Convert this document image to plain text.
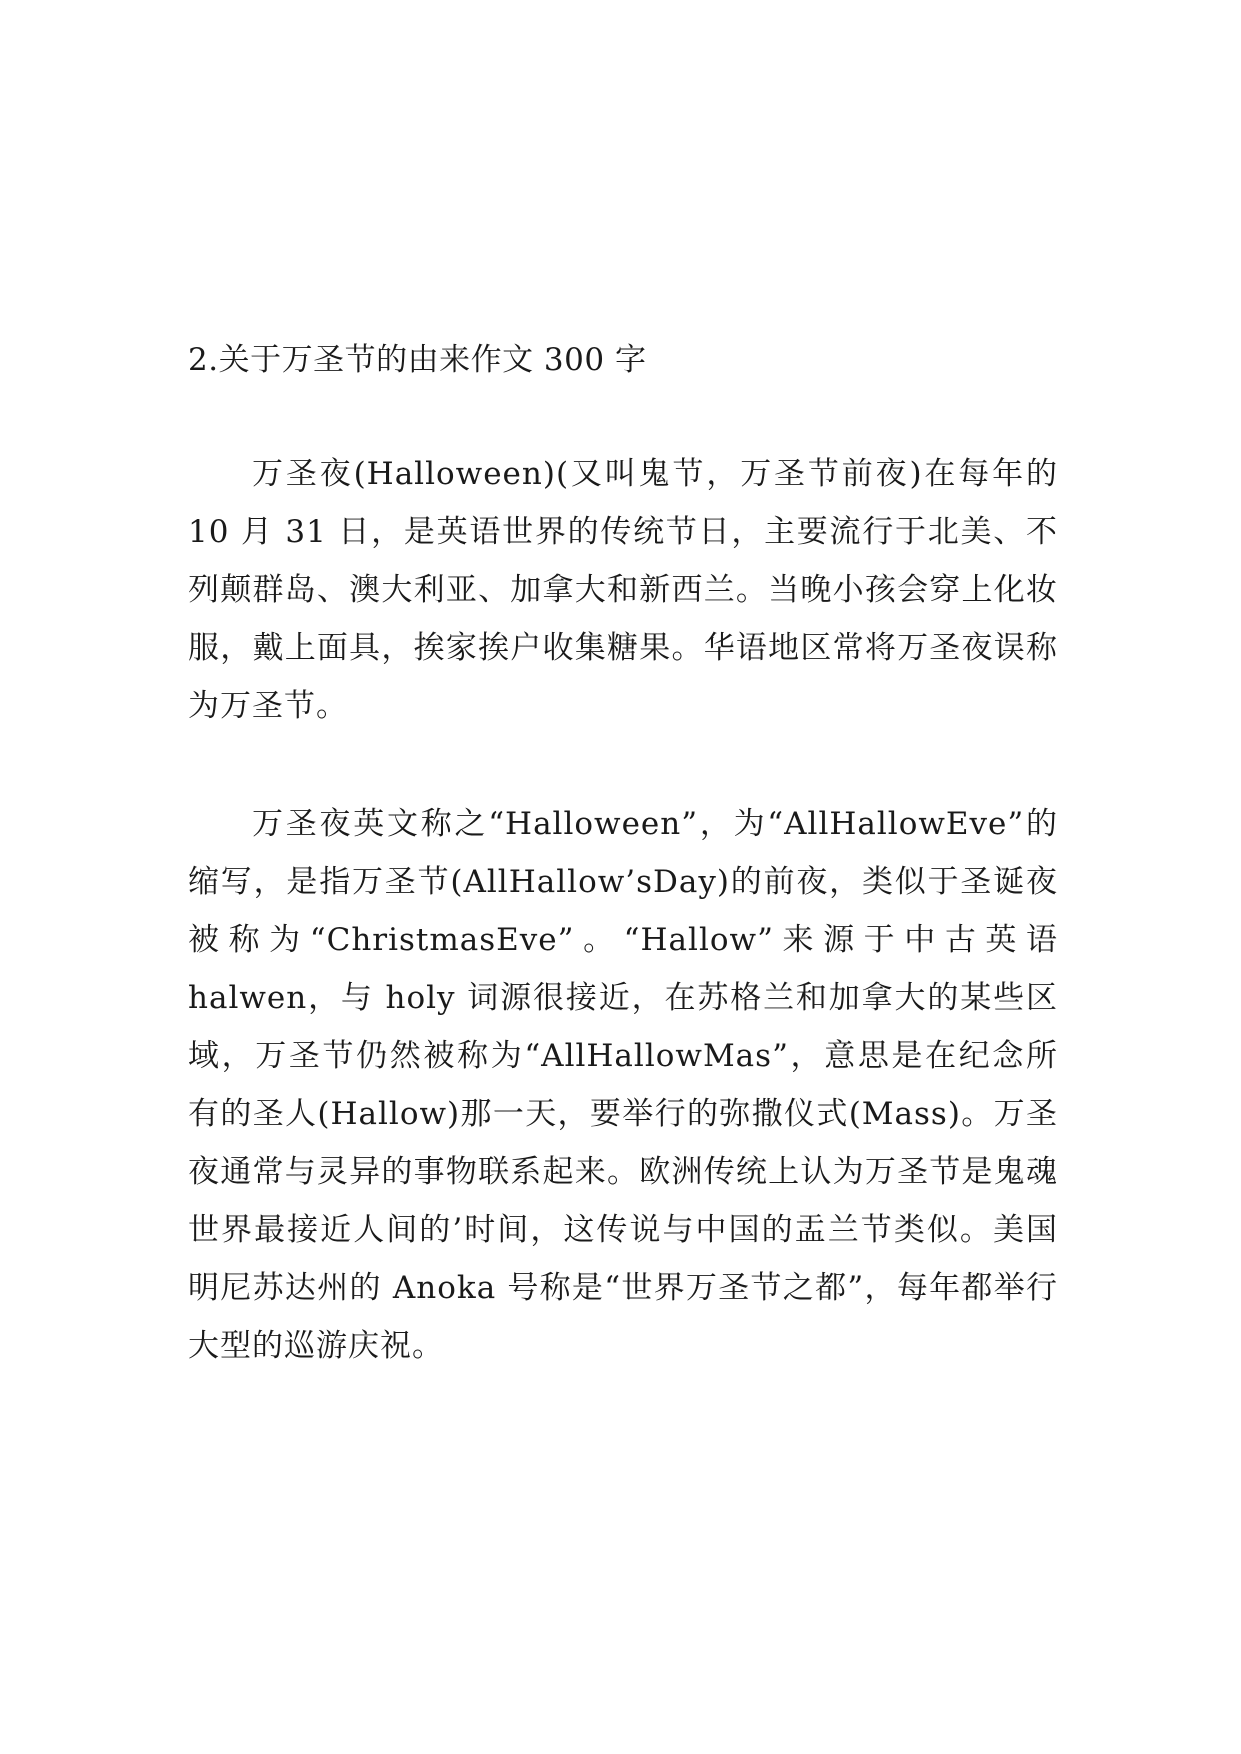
2.关于万圣节的由来作文 300 字

万圣夜(Halloween)(又叫鬼节，万圣节前夜)在每年的 10 月 31 日，是英语世界的传统节日，主要流行于北美、不列颠群岛、澳大利亚、加拿大和新西兰。当晚小孩会穿上化妆服，戴上面具，挨家挨户收集糖果。华语地区常将万圣夜误称为万圣节。

万圣夜英文称之“Halloween”，为“AllHallowEve”的缩写，是指万圣节(AllHallow’sDay)的前夜，类似于圣诞夜被称为“ChristmasEve”。“Hallow”来源于中古英语 halwen，与 holy 词源很接近，在苏格兰和加拿大的某些区域，万圣节仍然被称为“AllHallowMas”，意思是在纪念所有的圣人(Hallow)那一天，要举行的弥撒仪式(Mass)。万圣夜通常与灵异的事物联系起来。欧洲传统上认为万圣节是鬼魂世界最接近人间的’时间，这传说与中国的盂兰节类似。美国明尼苏达州的 Anoka 号称是“世界万圣节之都”，每年都举行大型的巡游庆祝。
